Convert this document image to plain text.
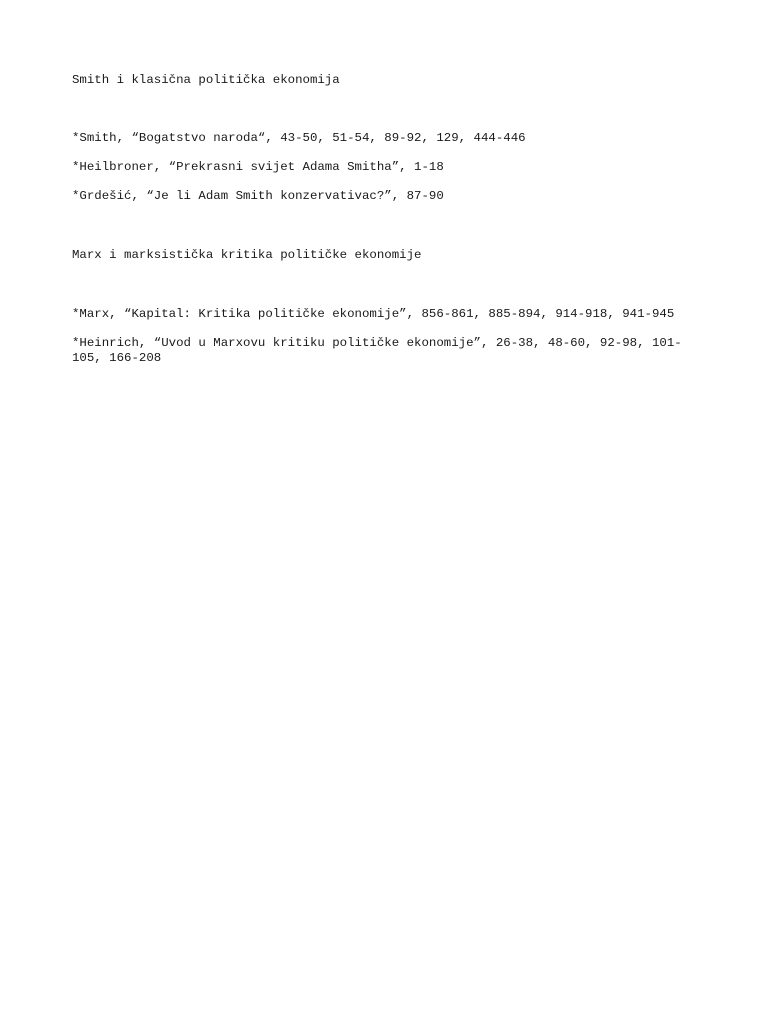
Smith i klasična politička ekonomija

*Smith, “Bogatstvo naroda“, 43-50, 51-54, 89-92, 129, 444-446

*Heilbroner, “Prekrasni svijet Adama Smitha”, 1-18

*Grdešić, “Je li Adam Smith konzervativac?”, 87-90

Marx i marksistička kritika političke ekonomije

*Marx, “Kapital: Kritika političke ekonomije”, 856-861, 885-894, 914-918, 941-945

*Heinrich, “Uvod u Marxovu kritiku političke ekonomije”, 26-38, 48-60, 92-98, 101-105, 166-208
